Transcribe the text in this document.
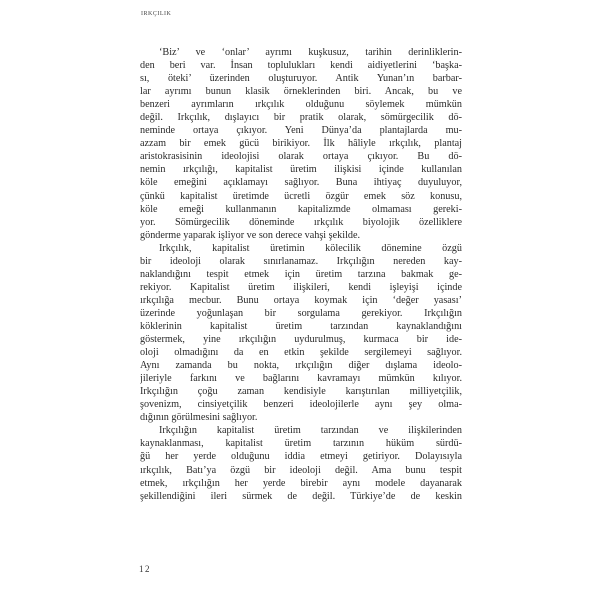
IRKÇILIK
‘Biz’ ve ‘onlar’ ayrımı kuşkusuz, tarihin derinliklerin-
den beri var. İnsan toplulukları kendi aidiyetlerini ‘başka-
sı, öteki’ üzerinden oluşturuyor. Antik Yunan’ın barbar-
lar ayrımı bunun klasik örneklerinden biri. Ancak, bu ve
benzeri ayrımların ırkçılık olduğunu söylemek mümkün
değil. Irkçılık, dışlayıcı bir pratik olarak, sömürgecilik dö-
neminde ortaya çıkıyor. Yeni Dünya’da plantajlarda mu-
azzam bir emek gücü birikiyor. İlk hâliyle ırkçılık, plantaj
aristokrasisinin ideolojisi olarak ortaya çıkıyor. Bu dö-
nemin ırkçılığı, kapitalist üretim ilişkisi içinde kullanılan
köle emeğini açıklamayı sağlıyor. Buna ihtiyaç duyuluyor,
çünkü kapitalist üretimde ücretli özgür emek söz konusu,
köle emeği kullanmanın kapitalizmde olmaması gereki-
yor. Sömürgecilik döneminde ırkçılık biyolojik özelliklere
gönderme yaparak işliyor ve son derece vahşi şekilde.
Irkçılık, kapitalist üretimin kölecilik dönemine özgü
bir ideoloji olarak sınırlanamaz. Irkçılığın nereden kay-
naklandığını tespit etmek için üretim tarzına bakmak ge-
rekiyor. Kapitalist üretim ilişkileri, kendi işleyişi içinde
ırkçılığa mecbur. Bunu ortaya koymak için ‘değer yasası’
üzerinde yoğunlaşan bir sorgulama gerekiyor. Irkçılığın
köklerinin kapitalist üretim tarzından kaynaklandığını
göstermek, yine ırkçılığın uydurulmuş, kurmaca bir ide-
oloji olmadığını da en etkin şekilde sergilemeyi sağlıyor.
Aynı zamanda bu nokta, ırkçılığın diğer dışlama ideolo-
jileriyle farkını ve bağlarını kavramayı mümkün kılıyor.
Irkçılığın çoğu zaman kendisiyle karıştırılan milliyetçilik,
şovenizm, cinsiyetçilik benzeri ideolojilerle aynı şey olma-
dığının görülmesini sağlıyor.
Irkçılığın kapitalist üretim tarzından ve ilişkilerinden
kaynaklanması, kapitalist üretim tarzının hüküm sürdü-
ğü her yerde olduğunu iddia etmeyi getiriyor. Dolayısıyla
ırkçılık, Batı’ya özgü bir ideoloji değil. Ama bunu tespit
etmek, ırkçılığın her yerde birebir aynı modele dayanarak
şekillendiğini ileri sürmek de değil. Türkiye’de de keskin
12
